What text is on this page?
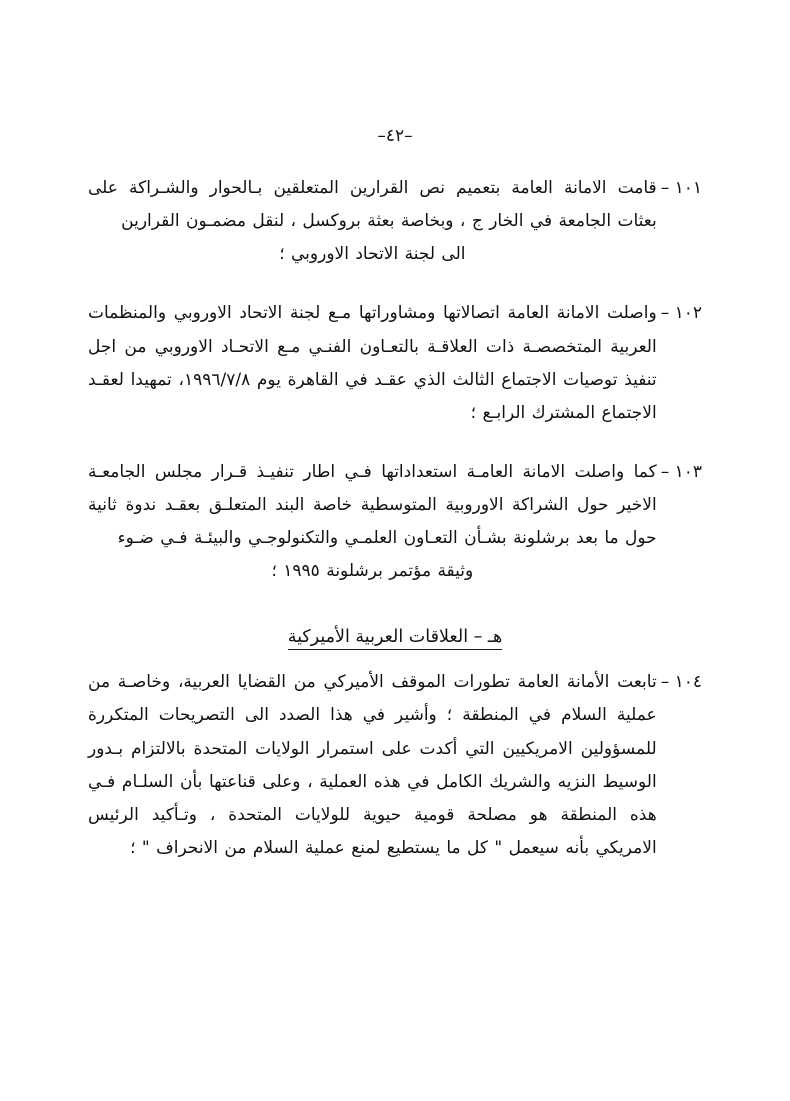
–٤٢–
١٠١ –
قامت الامانة العامة بتعميم نص القرارين المتعلقين بـالحوار والشـراكة على بعثات الجامعة في الخار ج ، وبخاصة بعثة بروكسل ، لنقل مضمـون القرارين
الى لجنة الاتحاد الاوروبي ؛
١٠٢ –
واصلت الامانة العامة اتصالاتها ومشاوراتها مـع لجنة الاتحاد الاوروبي والمنظمات العربية المتخصصـة ذات العلاقـة بالتعـاون الفنـي مـع الاتحـاد الاوروبي من اجل تنفيذ توصيات الاجتماع الثالث الذي عقـد في القاهرة يوم ١٩٩٦/٧/٨، تمهيدا لعقـد الاجتماع المشترك الرابـع ؛
١٠٣ –
كما واصلت الامانة العامـة استعداداتها فـي اطار تنفيـذ قـرار مجلس الجامعـة الاخير حول الشراكة الاوروبية المتوسطية خاصة البند المتعلـق بعقـد ندوة ثانية حول ما بعد برشلونة بشـأن التعـاون العلمـي والتكنولوجـي والبيئـة فـي ضـوء
وثيقة مؤتمر برشلونة ١٩٩٥ ؛
هـ – العلاقات العربية الأميركية
١٠٤ –
تابعت الأمانة العامة تطورات الموقف الأميركي من القضايا العربية، وخاصـة من عملية السلام في المنطقة ؛ وأشير في هذا الصدد الى التصريحات المتكررة للمسؤولين الامريكيين التي أكدت على استمرار الولايات المتحدة بالالتزام بـدور الوسيط النزيه والشريك الكامل في هذه العملية ، وعلى قناعتها بأن السلـام فـي هذه المنطقة هو مصلحة قومية حيوية للولايات المتحدة ، وتـأكيد الرئيس الامريكي بأنه سيعمل " كل ما يستطيع لمنع عملية السلام من الانحراف " ؛
